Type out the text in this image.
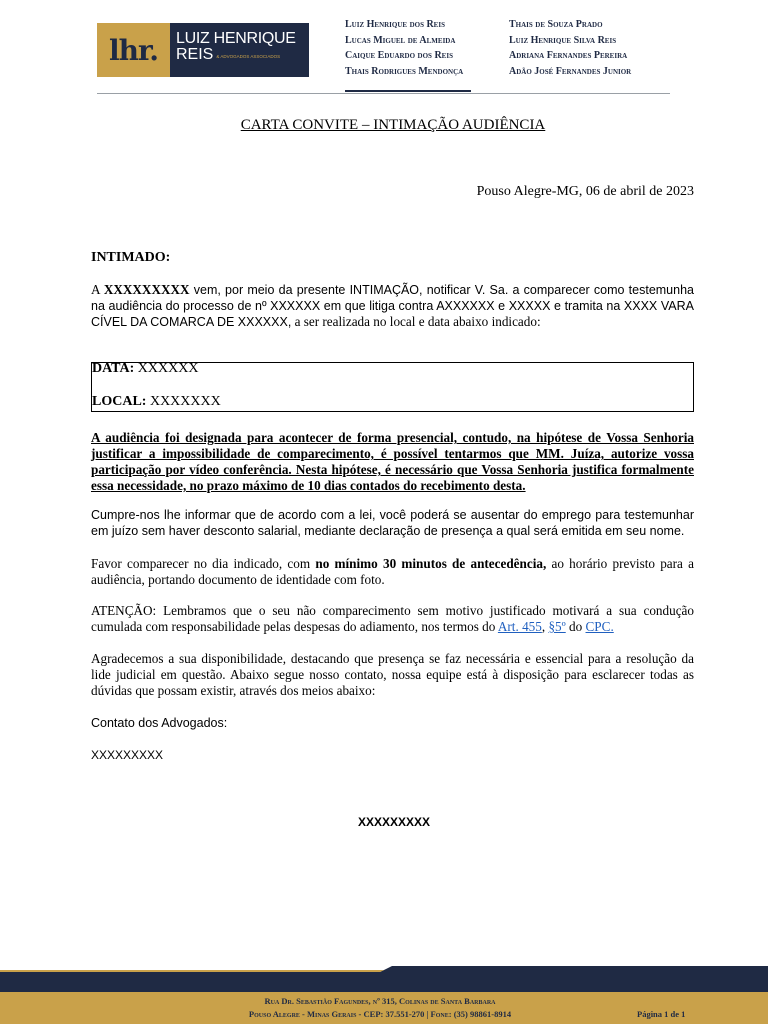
lhr.	LUIZ HENRIQUE
REIS & ADVOGADOS ASSOCIADOS
Luiz Henrique dos Reis
Lucas Miguel de Almeida
Caique Eduardo dos Reis
Thais Rodrigues Mendonça
Thais de Souza Prado
Luiz Henrique Silva Reis
Adriana Fernandes Pereira
Adão José Fernandes Junior
CARTA CONVITE – INTIMAÇÃO AUDIÊNCIA
Pouso Alegre-MG, 06 de abril de 2023
INTIMADO:
A XXXXXXXXX vem, por meio da presente INTIMAÇÃO, notificar V. Sa. a comparecer como testemunha na audiência do processo de nº XXXXXX em que litiga contra AXXXXXX e XXXXX e tramita na XXXX VARA CÍVEL DA COMARCA DE XXXXXX, a ser realizada no local e data abaixo indicado:
DATA: XXXXXX
LOCAL: XXXXXXX
A audiência foi designada para acontecer de forma presencial, contudo, na hipótese de Vossa Senhoria justificar a impossibilidade de comparecimento, é possível tentarmos que MM. Juíza, autorize vossa participação por vídeo conferência. Nesta hipótese, é necessário que Vossa Senhoria justifica formalmente essa necessidade, no prazo máximo de 10 dias contados do recebimento desta.
Cumpre-nos lhe informar que de acordo com a lei, você poderá se ausentar do emprego para testemunhar em juízo sem haver desconto salarial, mediante declaração de presença a qual será emitida em seu nome.
Favor comparecer no dia indicado, com no mínimo 30 minutos de antecedência, ao horário previsto para a audiência, portando documento de identidade com foto.
ATENÇÃO: Lembramos que o seu não comparecimento sem motivo justificado motivará a sua condução cumulada com responsabilidade pelas despesas do adiamento, nos termos do Art. 455, §5º do CPC.
Agradecemos a sua disponibilidade, destacando que presença se faz necessária e essencial para a resolução da lide judicial em questão. Abaixo segue nosso contato, nossa equipe está à disposição para esclarecer todas as dúvidas que possam existir, através dos meios abaixo:
Contato dos Advogados:
XXXXXXXXX
XXXXXXXXX
Rua Dr. Sebastião Fagundes, nº 315, Colinas de Santa Barbara
Pouso Alegre - Minas Gerais - CEP: 37.551-270 | Fone: (35) 98861-8914	Página 1 de 1
